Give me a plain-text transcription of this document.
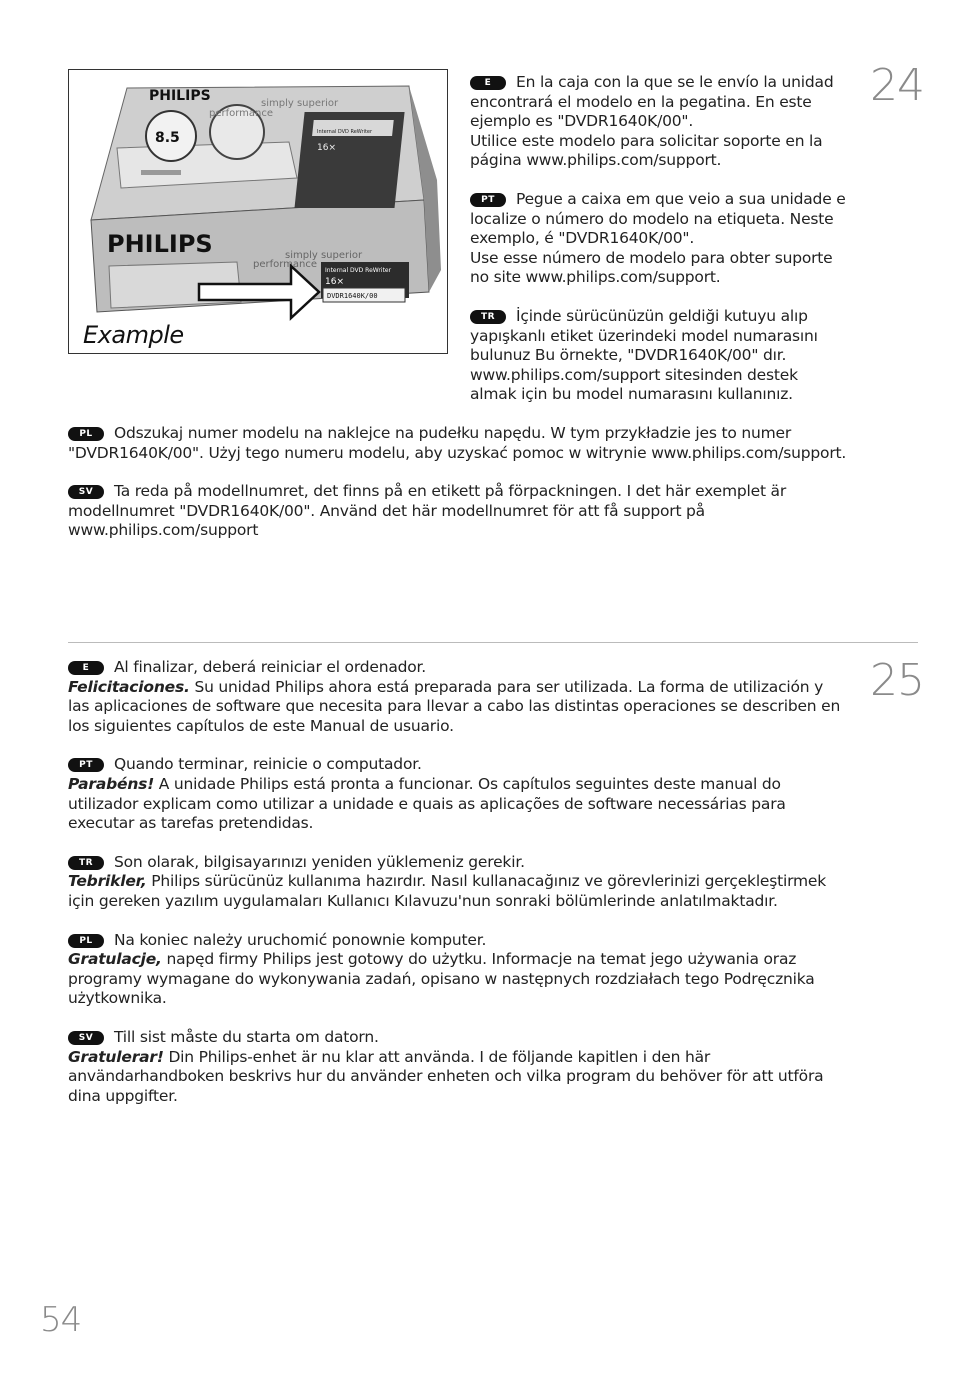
24
8.5
PHILIPS	simply superior
performance
Internal DVD ReWriter
16×
PHILIPS	simply superior
performance
Internal DVD ReWriter
16×
DVDR1640K/00
Example

E En la caja con la que se le envío la unidad encontrará el modelo en la pegatina. En este ejemplo es "DVDR1640K/00".
Utilice este modelo para solicitar soporte en la página www.philips.com/support.

PT Pegue a caixa em que veio a sua unidade e localize o número do modelo na etiqueta. Neste exemplo, é "DVDR1640K/00".
Use esse número de modelo para obter suporte no site www.philips.com/support.

TR İçinde sürücünüzün geldiği kutuyu alıp yapışkanlı etiket üzerindeki model numarasını bulunuz Bu örnekte, "DVDR1640K/00" dır. www.philips.com/support sitesinden destek almak için bu model numarasını kullanınız.

PL Odszukaj numer modelu na naklejce na pudełku napędu. W tym przykładzie jes to numer "DVDR1640K/00". Użyj tego numeru modelu, aby uzyskać pomoc w witrynie www.philips.com/support.

SV Ta reda på modellnumret, det finns på en etikett på förpackningen. I det här exemplet är modellnumret "DVDR1640K/00". Använd det här modellnumret för att få support på www.philips.com/support

25

E Al finalizar, deberá reiniciar el ordenador.
Felicitaciones. Su unidad Philips ahora está preparada para ser utilizada. La forma de utilización y las aplicaciones de software que necesita para llevar a cabo las distintas operaciones se describen en los siguientes capítulos de este Manual de usuario.

PT Quando terminar, reinicie o computador.
Parabéns! A unidade Philips está pronta a funcionar. Os capítulos seguintes deste manual do utilizador explicam como utilizar a unidade e quais as aplicações de software necessárias para executar as tarefas pretendidas.

TR Son olarak, bilgisayarınızı yeniden yüklemeniz gerekir.
Tebrikler, Philips sürücünüz kullanıma hazırdır. Nasıl kullanacağınız ve görevlerinizi gerçekleştirmek için gereken yazılım uygulamaları Kullanıcı Kılavuzu'nun sonraki bölümlerinde anlatılmaktadır.

PL Na koniec należy uruchomić ponownie komputer.
Gratulacje, napęd firmy Philips jest gotowy do użytku. Informacje na temat jego używania oraz programy wymagane do wykonywania zadań, opisano w następnych rozdziałach tego Podręcznika użytkownika.

SV Till sist måste du starta om datorn.
Gratulerar! Din Philips-enhet är nu klar att använda. I de följande kapitlen i den här användarhandboken beskrivs hur du använder enheten och vilka program du behöver för att utföra dina uppgifter.

54
